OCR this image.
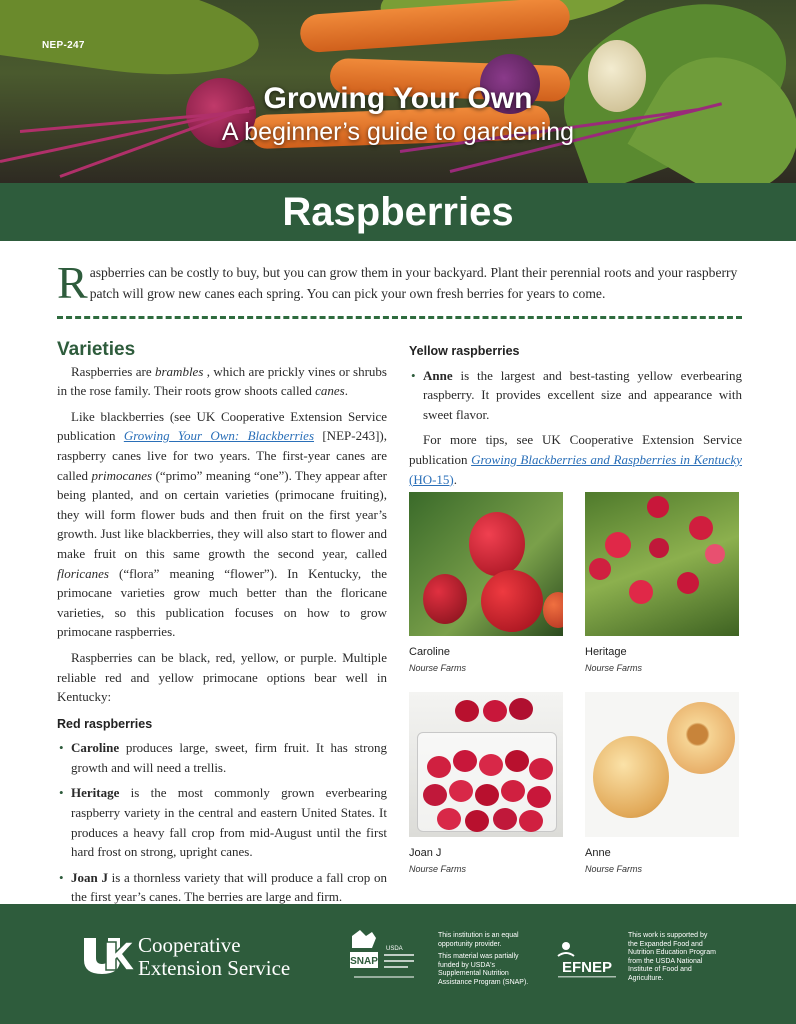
NEP-247
Growing Your Own
A beginner’s guide to gardening
Raspberries
Raspberries can be costly to buy, but you can grow them in your backyard. Plant their perennial roots and your raspberry patch will grow new canes each spring. You can pick your own fresh berries for years to come.
Varieties

Raspberries are brambles , which are prickly vines or shrubs in the rose family. Their roots grow shoots called canes.

Like blackberries (see UK Cooperative Extension Service publication Growing Your Own: Blackberries [NEP-243]), raspberry canes live for two years. The first-year canes are called primocanes (“primo” meaning “one”). They appear after being planted, and on certain varieties (primocane fruiting), they will form flower buds and then fruit on the first year’s growth. Just like blackberries, they will also start to flower and make fruit on this same growth the second year, called floricanes (“flora” meaning “flower”). In Kentucky, the primocane varieties grow much better than the floricane varieties, so this publication focuses on how to grow primocane raspberries.

Raspberries can be black, red, yellow, or purple. Multiple reliable red and yellow primocane options bear well in Kentucky:

Red raspberries
• Caroline produces large, sweet, firm fruit. It has strong growth and will need a trellis.
• Heritage is the most commonly grown everbearing raspberry variety in the central and eastern United States. It produces a heavy fall crop from mid-August until the first hard frost on strong, upright canes.
• Joan J is a thornless variety that will produce a fall crop on the first year’s canes. The berries are large and firm.
Yellow raspberries
• Anne is the largest and best-tasting yellow everbearing raspberry. It provides excellent size and appearance with sweet flavor.

For more tips, see UK Cooperative Extension Service publication Growing Blackberries and Raspberries in Kentucky (HO-15).

Caroline
Nourse Farms
Heritage
Nourse Farms
Joan J
Nourse Farms
Anne
Nourse Farms
Cooperative
Extension Service	SNAP
USDA
This institution is an equal opportunity provider.
This material was partially funded by USDA's Supplemental Nutrition Assistance Program (SNAP).
EFNEP
This work is supported by the Expanded Food and Nutrition Education Program from the USDA National Institute of Food and Agriculture.
